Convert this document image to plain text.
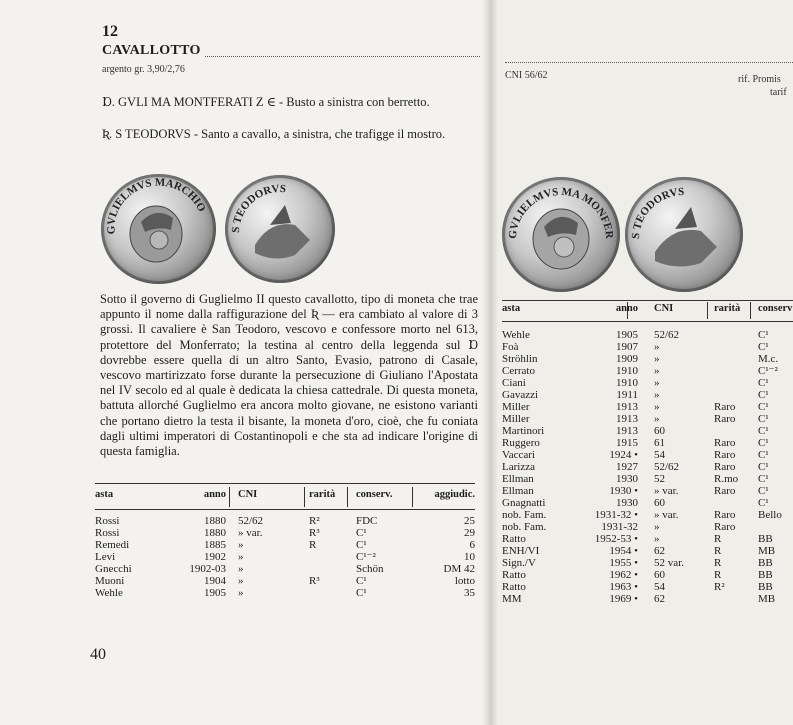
12
CAVALLOTTO
argento gr. 3,90/2,76
CNI 56/62	rif. Promis
tarif
Ɒ. GVLI MA MONTFERATI Z ∈ - Busto a sinistra con berretto.
Ʀ. S TEODORVS - Santo a cavallo, a sinistra, che trafigge il mostro.
GVLIELMVS MARCHIO
S TEODORVS
GVLIELMVS MA MONFER S TEODORVS

Sotto il governo di Guglielmo II questo cavallotto, tipo di moneta che trae appunto il nome dalla raffigurazione del Ʀ — era cambiato al valore di 3 grossi. Il cavaliere è San Teodoro, vescovo e confessore morto nel 613, protettore del Monferrato; la testina al centro della leggenda sul Ɒ dovrebbe essere quella di un altro Santo, Evasio, patrono di Casale, vescovo martirizzato forse durante la persecuzione di Giuliano l'Apostata nel IV secolo ed al quale è dedicata la chiesa cattedrale. Di questa moneta, battuta allorché Guglielmo era ancora molto giovane, ne esistono varianti che portano dietro la testa il bisante, la moneta d'oro, cioè, che fu coniata dagli ultimi imperatori di Costantinopoli e che sta ad indicare l'origine di questa famiglia.

asta	anno	CNI	rarità	conserv.	aggiudic.

Rossi	1880	52/62	R²	FDC	25
Rossi	1880	» var.	R³	C¹	29
Remedi	1885	»	R	C¹	6
Levi	1902	»		C¹⁻²	10
Gnecchi	1902-03	»		Schön	DM 42
Muoni	1904	»	R³	C¹	lotto
Wehle	1905	»		C¹	35
asta	anno	CNI	rarità	conserv

Wehle	1905	52/62		C¹
Foà	1907	»		C¹
Ströhlin	1909	»		M.c.
Cerrato	1910	»		C¹⁻²
Ciani	1910	»		C¹
Gavazzi	1911	»		C¹
Miller	1913	»	Raro	C¹
Miller	1913	»	Raro	C¹
Martinori	1913	60		C¹
Ruggero	1915	61	Raro	C¹
Vaccari	1924 •	54	Raro	C¹
Larizza	1927	52/62	Raro	C¹
Ellman	1930	52	R.mo	C¹
Ellman	1930 •	» var.	Raro	C¹
Gnagnatti	1930	60		C¹
nob. Fam.	1931-32 •	» var.	Raro	Bello
nob. Fam.	1931-32	»	Raro	
Ratto	1952-53 •	»	R	BB
ENH/VI	1954 •	62	R	MB
Sign./V	1955 •	52 var.	R	BB
Ratto	1962 •	60	R	BB
Ratto	1963 •	54	R²	BB
MM	1969 •	62		MB
40
